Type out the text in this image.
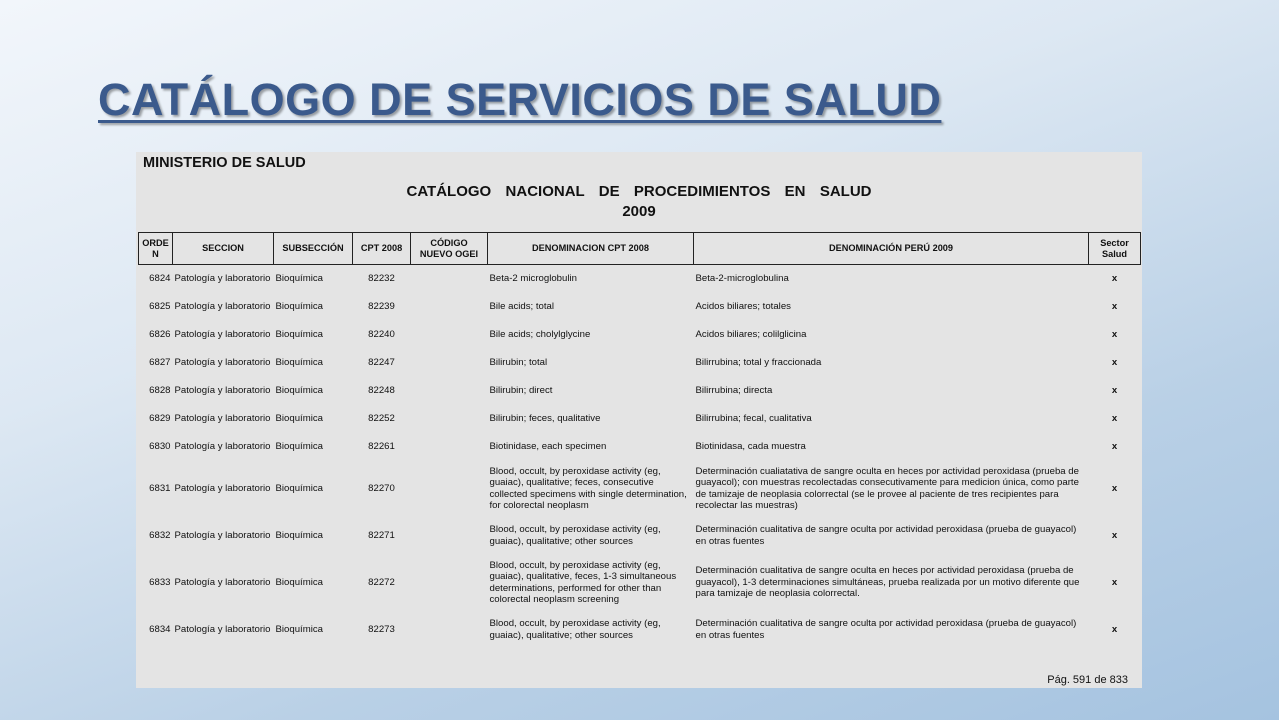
CATÁLOGO DE SERVICIOS DE SALUD
MINISTERIO DE SALUD
CATÁLOGO  NACIONAL  DE  PROCEDIMIENTOS  EN  SALUD
2009
ORDE N	SECCION	SUBSECCIÓN	CPT 2008	CÓDIGO NUEVO OGEI	DENOMINACION CPT 2008	DENOMINACIÓN PERÚ 2009	Sector Salud
6824	Patología y laboratorio	Bioquímica	82232		Beta-2 microglobulin	Beta-2-microglobulina	x
6825	Patología y laboratorio	Bioquímica	82239		Bile acids; total	Acidos biliares; totales	x
6826	Patología y laboratorio	Bioquímica	82240		Bile acids; cholylglycine	Acidos biliares; colilglicina	x
6827	Patología y laboratorio	Bioquímica	82247		Bilirubin; total	Bilirrubina; total y fraccionada	x
6828	Patología y laboratorio	Bioquímica	82248		Bilirubin; direct	Bilirrubina; directa	x
6829	Patología y laboratorio	Bioquímica	82252		Bilirubin; feces, qualitative	Bilirrubina; fecal, cualitativa	x
6830	Patología y laboratorio	Bioquímica	82261		Biotinidase, each specimen	Biotinidasa, cada muestra	x
6831	Patología y laboratorio	Bioquímica	82270		Blood, occult, by peroxidase activity (eg, guaiac), qualitative; feces, consecutive collected specimens with single determination, for colorectal neoplasm	Determinación cualiatativa de sangre oculta en heces por actividad peroxidasa (prueba de guayacol); con muestras recolectadas consecutivamente para medicion única, como parte de tamizaje de neoplasia colorrectal (se le provee al paciente de tres recipientes para recolectar las muestras)	x
6832	Patología y laboratorio	Bioquímica	82271		Blood, occult, by peroxidase activity (eg, guaiac), qualitative; other sources	Determinación cualitativa de sangre oculta por actividad peroxidasa (prueba de guayacol) en otras fuentes	x
6833	Patología y laboratorio	Bioquímica	82272		Blood, occult, by peroxidase activity (eg, guaiac), qualitative, feces, 1-3 simultaneous determinations, performed for other than colorectal neoplasm screening	Determinación cualitativa de sangre oculta en heces por actividad peroxidasa (prueba de guayacol), 1-3 determinaciones simultáneas, prueba realizada por un motivo diferente que para tamizaje de neoplasia colorrectal.	x
6834	Patología y laboratorio	Bioquímica	82273		Blood, occult, by peroxidase activity (eg, guaiac), qualitative; other sources	Determinación cualitativa de sangre oculta por actividad peroxidasa (prueba de guayacol) en otras fuentes	x
Pág. 591 de 833
